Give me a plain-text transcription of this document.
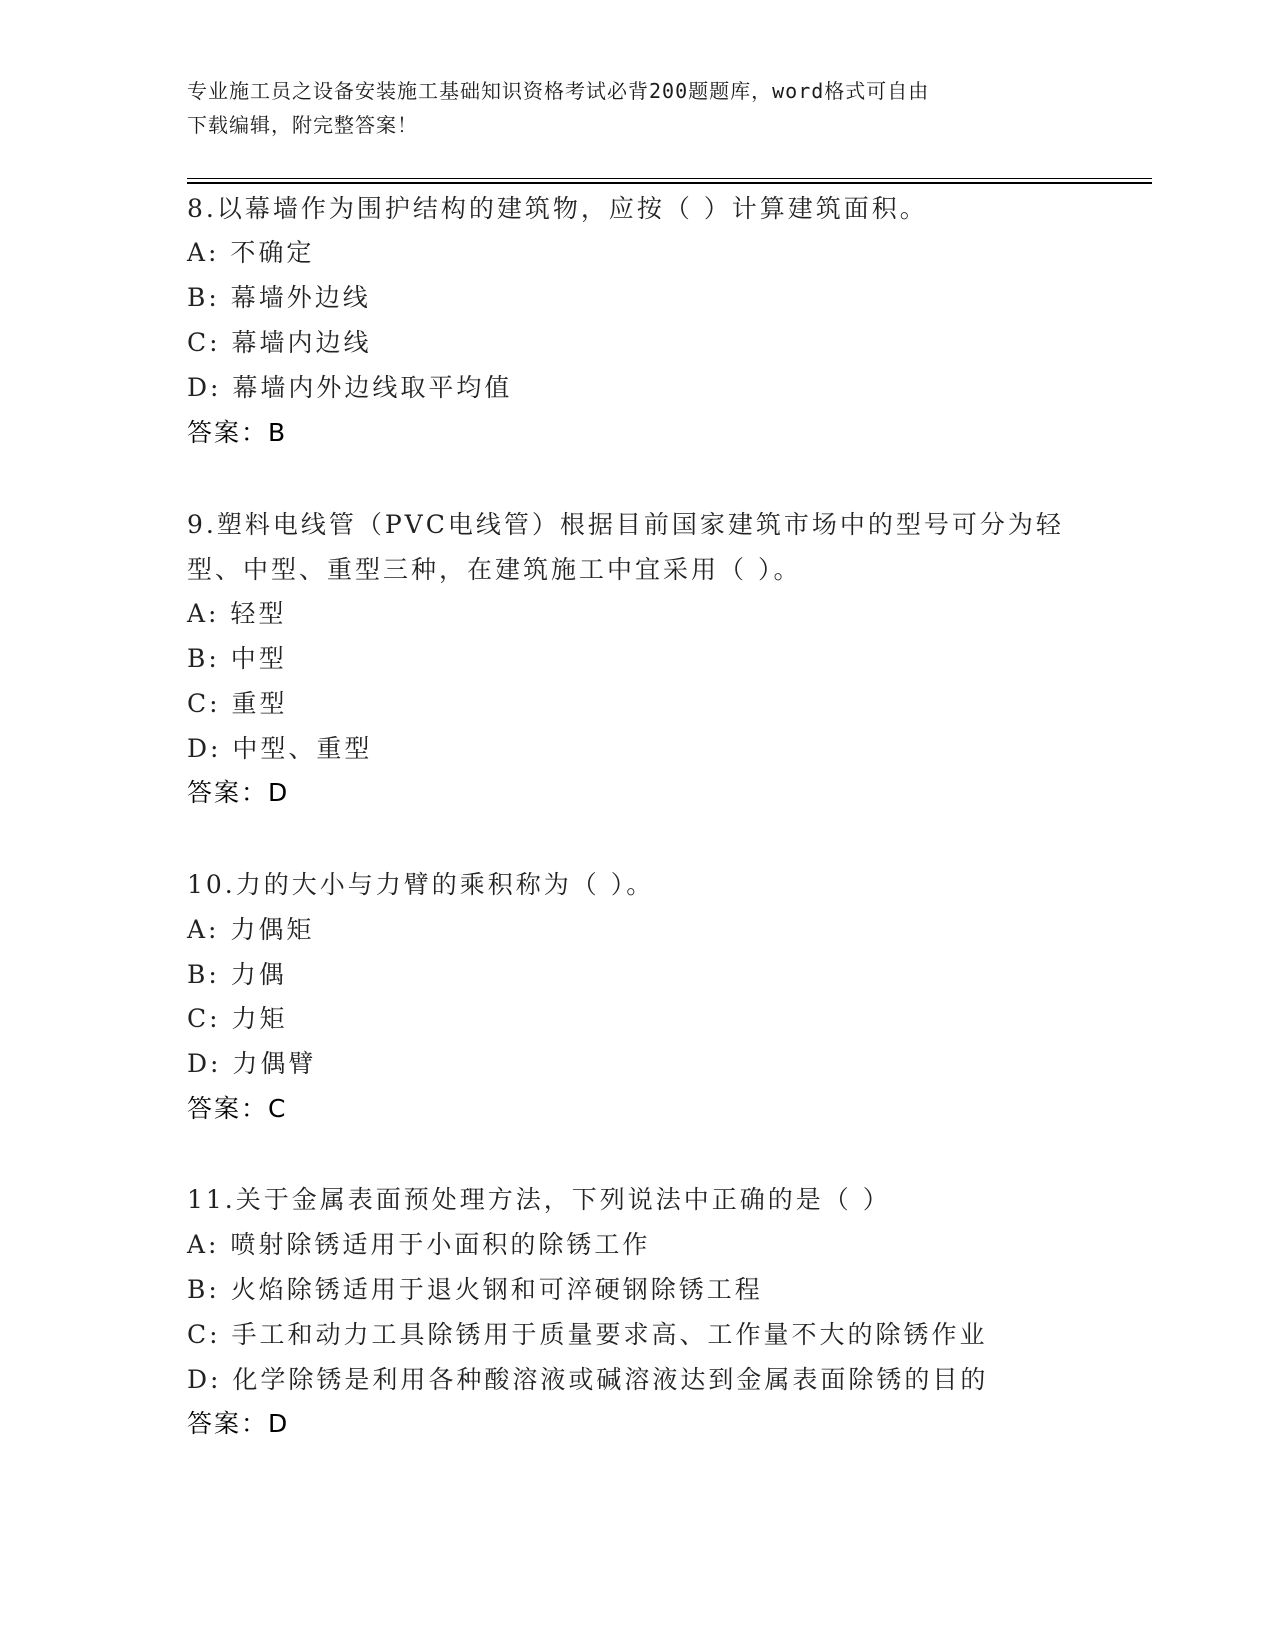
专业施工员之设备安装施工基础知识资格考试必背200题题库，word格式可自由
下载编辑，附完整答案！
8.以幕墙作为围护结构的建筑物，应按（ ）计算建筑面积。
A: 不确定
B: 幕墙外边线
C: 幕墙内边线
D: 幕墙内外边线取平均值
答案：B
9.塑料电线管（PVC电线管）根据目前国家建筑市场中的型号可分为轻
型、中型、重型三种，在建筑施工中宜采用（ ）。
A: 轻型
B: 中型
C: 重型
D: 中型、重型
答案：D
10.力的大小与力臂的乘积称为（ ）。
A: 力偶矩
B: 力偶
C: 力矩
D: 力偶臂
答案：C
11.关于金属表面预处理方法，下列说法中正确的是（ ）
A: 喷射除锈适用于小面积的除锈工作
B: 火焰除锈适用于退火钢和可淬硬钢除锈工程
C: 手工和动力工具除锈用于质量要求高、工作量不大的除锈作业
D: 化学除锈是利用各种酸溶液或碱溶液达到金属表面除锈的目的
答案：D
